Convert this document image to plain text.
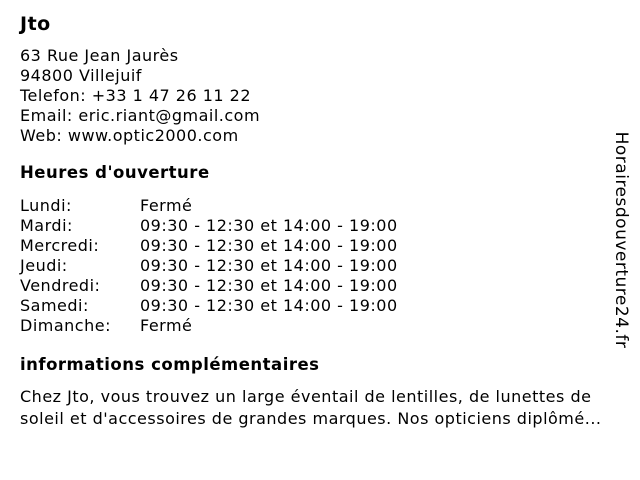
Jto
63 Rue Jean Jaurès
94800 Villejuif
Telefon: +33 1 47 26 11 22
Email: eric.riant@gmail.com
Web: www.optic2000.com
Heures d'ouverture
Lundi:	Fermé
Mardi:	09:30 - 12:30 et 14:00 - 19:00
Mercredi:	09:30 - 12:30 et 14:00 - 19:00
Jeudi:	09:30 - 12:30 et 14:00 - 19:00
Vendredi:	09:30 - 12:30 et 14:00 - 19:00
Samedi:	09:30 - 12:30 et 14:00 - 19:00
Dimanche:	Fermé
informations complémentaires
Chez Jto, vous trouvez un large éventail de lentilles, de lunettes de
soleil et d'accessoires de grandes marques. Nos opticiens diplômé...
Horairesdouverture24.fr
